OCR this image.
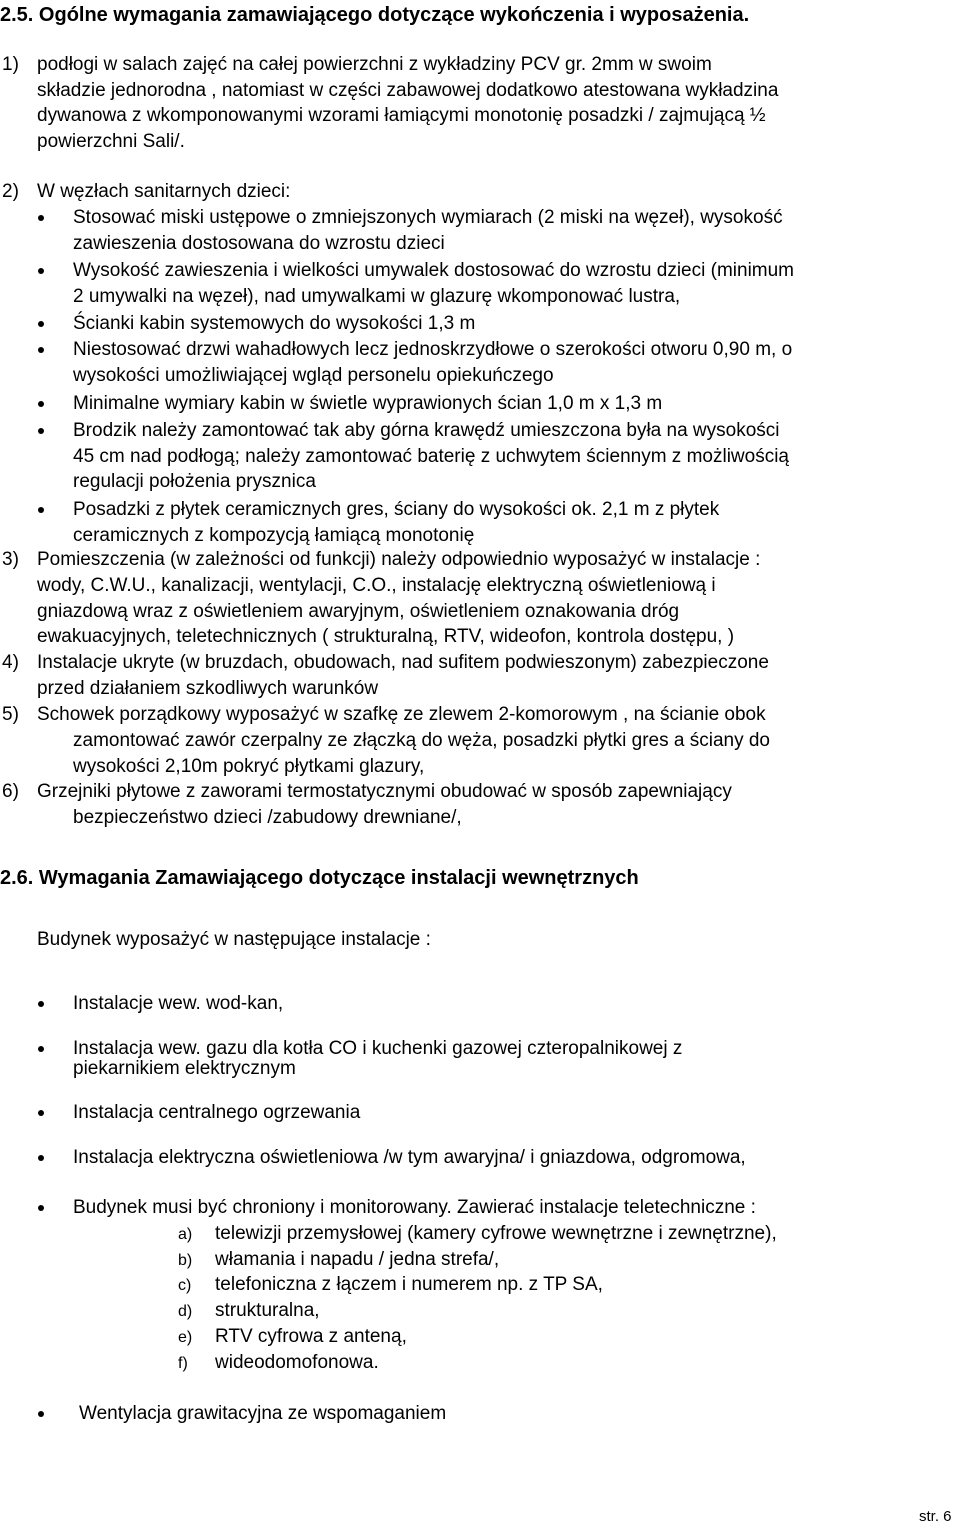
2.5. Ogólne wymagania zamawiającego dotyczące wykończenia i wyposażenia.
1) podłogi w salach zajęć na całej powierzchni z wykładziny PCV gr. 2mm w swoim
składzie jednorodna , natomiast w części zabawowej dodatkowo atestowana wykładzina
dywanowa z wkomponowanymi wzorami łamiącymi monotonię posadzki / zajmującą ½
powierzchni Sali/.
2) W węzłach sanitarnych dzieci:
Stosować miski ustępowe o zmniejszonych wymiarach (2 miski na węzeł), wysokość
zawieszenia dostosowana do wzrostu dzieci
Wysokość zawieszenia i wielkości umywalek dostosować do wzrostu dzieci (minimum
2 umywalki na węzeł), nad umywalkami w glazurę wkomponować lustra,
Ścianki kabin systemowych do wysokości 1,3 m
Niestosować drzwi wahadłowych lecz jednoskrzydłowe o szerokości otworu 0,90 m, o
wysokości umożliwiającej wgląd personelu opiekuńczego
Minimalne wymiary kabin w świetle wyprawionych ścian 1,0 m x 1,3 m
Brodzik należy zamontować tak aby górna krawędź umieszczona była na wysokości
45 cm nad podłogą; należy zamontować baterię z uchwytem ściennym z możliwością
regulacji położenia prysznica
Posadzki z płytek ceramicznych gres, ściany do wysokości ok. 2,1 m z płytek
ceramicznych z kompozycją łamiącą monotonię
3) Pomieszczenia (w zależności od funkcji) należy odpowiednio wyposażyć w instalacje :
wody, C.W.U., kanalizacji, wentylacji, C.O., instalację elektryczną oświetleniową i
gniazdową wraz z oświetleniem awaryjnym, oświetleniem oznakowania dróg
ewakuacyjnych, teletechnicznych ( strukturalną, RTV, wideofon, kontrola dostępu, )
4) Instalacje ukryte (w bruzdach, obudowach, nad sufitem podwieszonym) zabezpieczone
przed działaniem szkodliwych warunków
5) Schowek porządkowy wyposażyć w szafkę ze zlewem 2-komorowym , na ścianie obok
zamontować zawór czerpalny ze złączką do węża, posadzki płytki gres a ściany do
wysokości 2,10m pokryć płytkami glazury,
6) Grzejniki płytowe z zaworami termostatycznymi obudować w sposób zapewniający
bezpieczeństwo dzieci /zabudowy drewniane/,
2.6. Wymagania Zamawiającego dotyczące instalacji wewnętrznych
Budynek wyposażyć w następujące instalacje :
Instalacje wew. wod-kan,
Instalacja wew. gazu dla kotła CO i kuchenki gazowej czteropalnikowej z
piekarnikiem elektrycznym
Instalacja centralnego ogrzewania
Instalacja elektryczna oświetleniowa /w tym awaryjna/ i gniazdowa, odgromowa,
Budynek musi być chroniony i monitorowany. Zawierać instalacje teletechniczne :
a) telewizji przemysłowej (kamery cyfrowe wewnętrzne i zewnętrzne),
b) włamania i napadu / jedna strefa/,
c) telefoniczna z łączem i numerem np. z TP SA,
d) strukturalna,
e) RTV cyfrowa z anteną,
f) wideodomofonowa.
Wentylacja grawitacyjna ze wspomaganiem
str. 6
